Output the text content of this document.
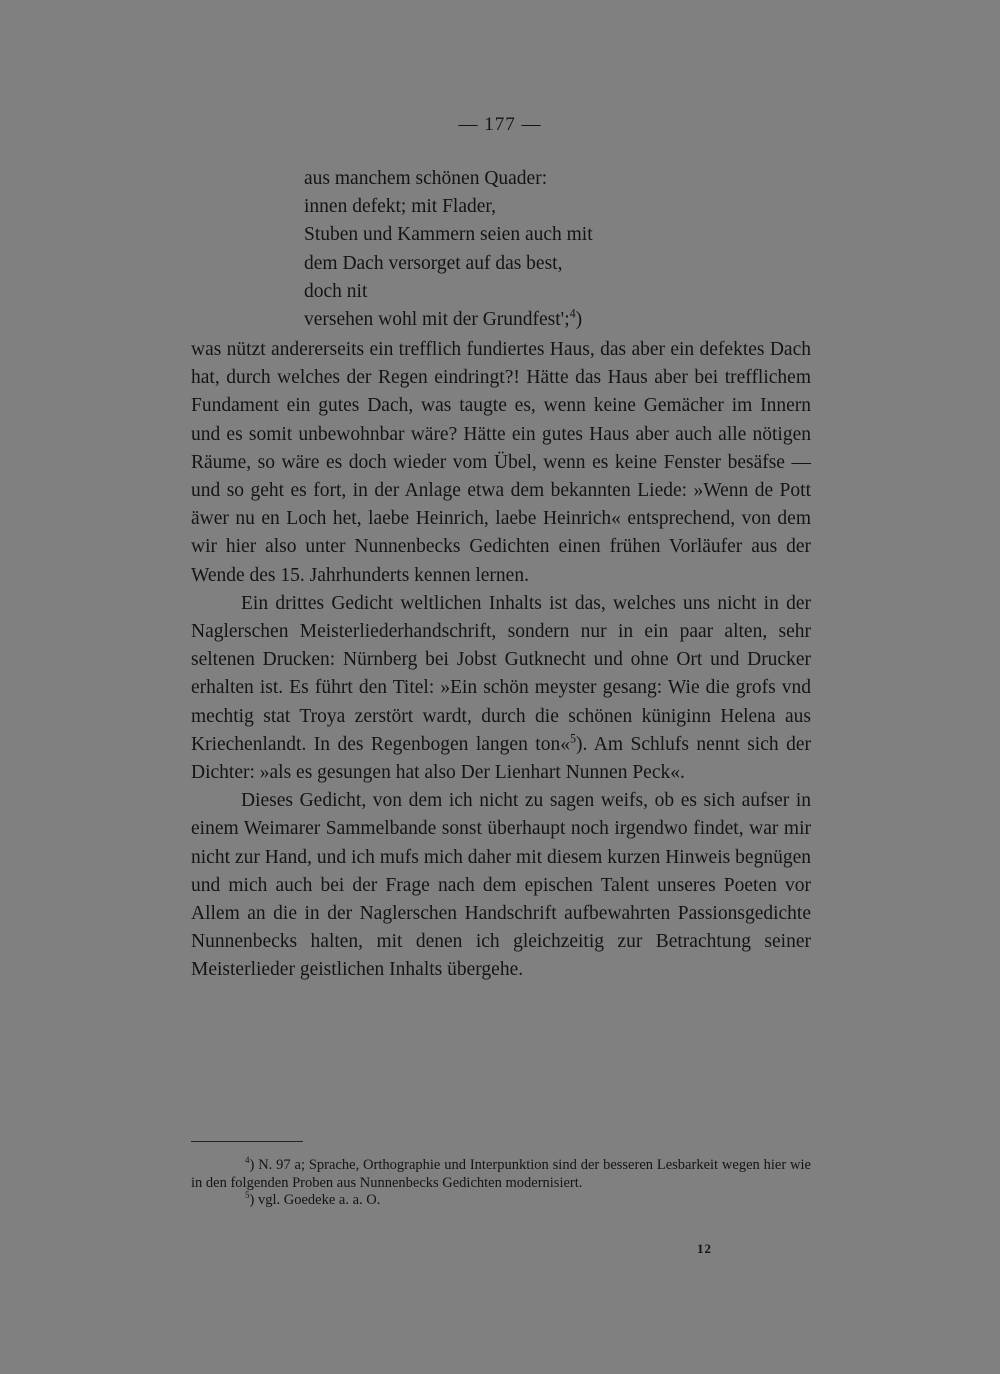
— 177 —
aus manchem schönen Quader:
innen defekt; mit Flader,
Stuben und Kammern seien auch mit
dem Dach versorget auf das best,
doch nit
versehen wohl mit der Grundfest';$^4$)

was nützt andererseits ein trefflich fundiertes Haus, das aber ein defektes Dach hat, durch welches der Regen eindringt?! Hätte das Haus aber bei trefflichem Fundament ein gutes Dach, was taugte es, wenn keine Gemächer im Innern und es somit unbewohnbar wäre? Hätte ein gutes Haus aber auch alle nötigen Räume, so wäre es doch wieder vom Übel, wenn es keine Fenster besäfse — und so geht es fort, in der Anlage etwa dem bekannten Liede: »Wenn de Pott äwer nu en Loch het, laebe Heinrich, laebe Heinrich« entsprechend, von dem wir hier also unter Nunnenbecks Gedichten einen frühen Vorläufer aus der Wende des 15. Jahrhunderts kennen lernen.

Ein drittes Gedicht weltlichen Inhalts ist das, welches uns nicht in der Naglerschen Meisterliederhandschrift, sondern nur in ein paar alten, sehr seltenen Drucken: Nürnberg bei Jobst Gutknecht und ohne Ort und Drucker erhalten ist. Es führt den Titel: »Ein schön meyster gesang: Wie die grofs vnd mechtig stat Troya zerstört wardt, durch die schönen küniginn Helena aus Kriechenlandt. In des Regenbogen langen ton«$^5$). Am Schlufs nennt sich der Dichter: »als es gesungen hat also Der Lienhart Nunnen Peck«.

Dieses Gedicht, von dem ich nicht zu sagen weifs, ob es sich aufser in einem Weimarer Sammelbande sonst überhaupt noch irgendwo findet, war mir nicht zur Hand, und ich mufs mich daher mit diesem kurzen Hinweis begnügen und mich auch bei der Frage nach dem epischen Talent unseres Poeten vor Allem an die in der Naglerschen Handschrift aufbewahrten Passionsgedichte Nunnenbecks halten, mit denen ich gleichzeitig zur Betrachtung seiner Meisterlieder geistlichen Inhalts übergehe.

$^4$) N. 97 a; Sprache, Orthographie und Interpunktion sind der besseren Lesbarkeit wegen hier wie in den folgenden Proben aus Nunnenbecks Gedichten modernisiert.

$^5$) vgl. Goedeke a. a. O.

12
